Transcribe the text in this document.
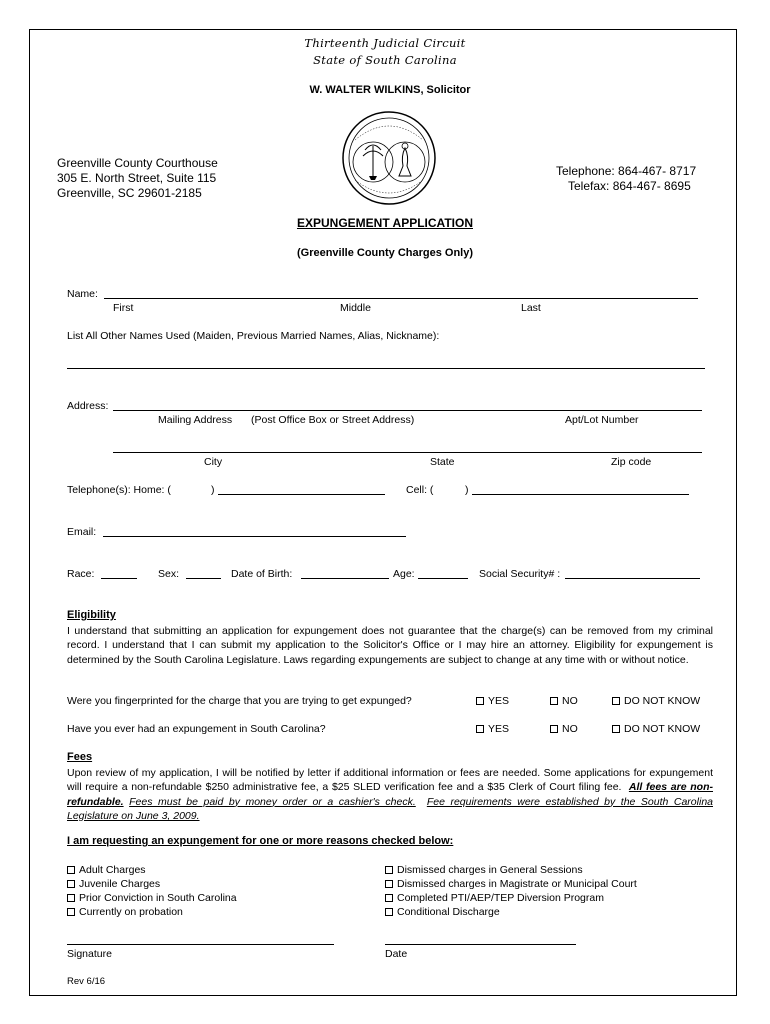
Thirteenth Judicial Circuit
State of South Carolina
W. WALTER WILKINS, Solicitor
Greenville County Courthouse
305 E. North Street, Suite 115
Greenville, SC 29601-2185
Telephone: 864-467- 8717
Telefax: 864-467- 8695
EXPUNGEMENT APPLICATION
(Greenville County Charges Only)
Name:
First	Middle	Last
List All Other Names Used (Maiden, Previous Married Names, Alias, Nickname):
Address:
Mailing Address (Post Office Box or Street Address)	Apt/Lot Number
City	State	Zip code
Telephone(s): Home: (	)	Cell: (	)
Email:
Race:	Sex:	Date of Birth:	Age:	Social Security# :
Eligibility
I understand that submitting an application for expungement does not guarantee that the charge(s) can be removed from my criminal record. I understand that I can submit my application to the Solicitor's Office or I may hire an attorney. Eligibility for expungement is determined by the South Carolina Legislature. Laws regarding expungements are subject to change at any time with or without notice.
Were you fingerprinted for the charge that you are trying to get expunged?	YES	NO	DO NOT KNOW
Have you ever had an expungement in South Carolina?	YES	NO	DO NOT KNOW
Fees
Upon review of my application, I will be notified by letter if additional information or fees are needed. Some applications for expungement will require a non-refundable $250 administrative fee, a $25 SLED verification fee and a $35 Clerk of Court filing fee. All fees are non-refundable. Fees must be paid by money order or a cashier's check. Fee requirements were established by the South Carolina Legislature on June 3, 2009.
I am requesting an expungement for one or more reasons checked below:
Adult Charges
Juvenile Charges
Prior Conviction in South Carolina
Currently on probation
Dismissed charges in General Sessions
Dismissed charges in Magistrate or Municipal Court
Completed PTI/AEP/TEP Diversion Program
Conditional Discharge
Signature	Date
Rev 6/16
